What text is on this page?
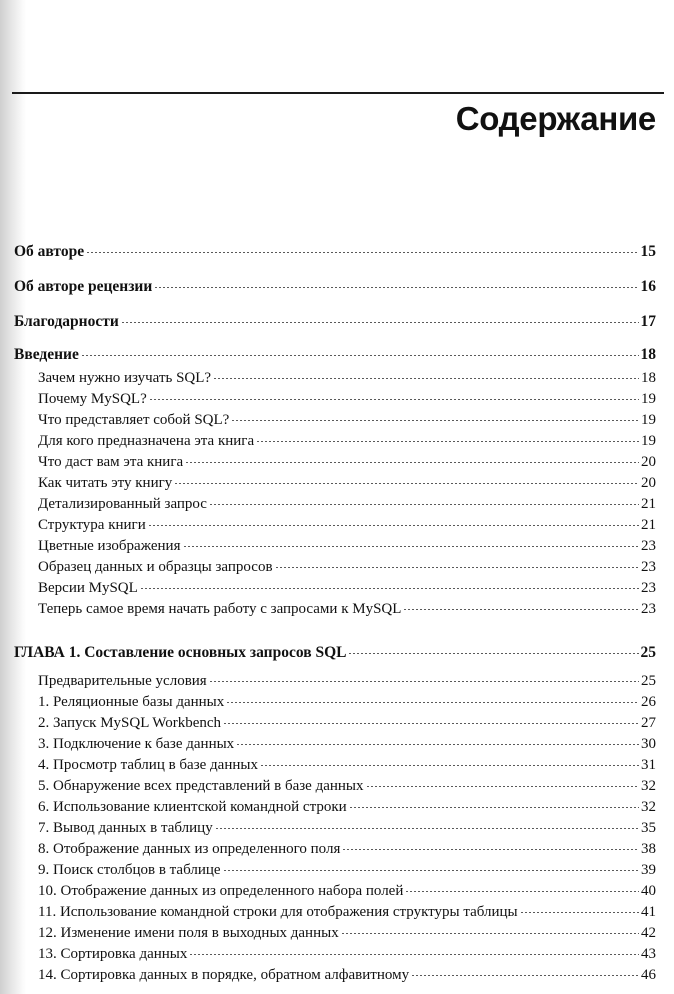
Содержание
Об авторе	15
Об авторе рецензии	16
Благодарности	17
Введение	18
Зачем нужно изучать SQL?	18
Почему MySQL?	19
Что представляет собой SQL?	19
Для кого предназначена эта книга	19
Что даст вам эта книга	20
Как читать эту книгу	20
Детализированный запрос	21
Структура книги	21
Цветные изображения	23
Образец данных и образцы запросов	23
Версии MySQL	23
Теперь самое время начать работу с запросами к MySQL	23
ГЛАВА 1. Составление основных запросов SQL	25
Предварительные условия	25
1. Реляционные базы данных	26
2. Запуск MySQL Workbench	27
3. Подключение к базе данных	30
4. Просмотр таблиц в базе данных	31
5. Обнаружение всех представлений в базе данных	32
6. Использование клиентской командной строки	32
7. Вывод данных в таблицу	35
8. Отображение данных из определенного поля	38
9. Поиск столбцов в таблице	39
10. Отображение данных из определенного набора полей	40
11. Использование командной строки для отображения структуры таблицы	41
12. Изменение имени поля в выходных данных	42
13. Сортировка данных	43
14. Сортировка данных в порядке, обратном алфавитному	46
